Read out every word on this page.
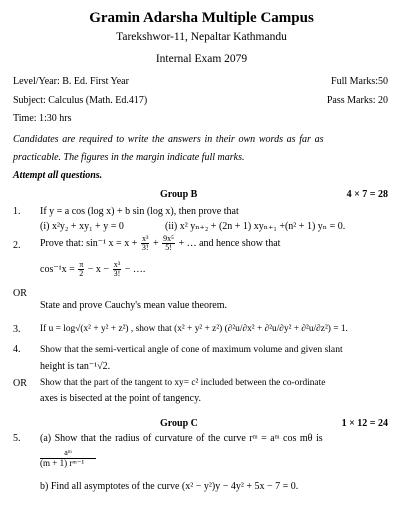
Gramin Adarsha Multiple Campus
Tarekshwor-11, Nepaltar Kathmandu
Internal Exam 2079
Level/Year: B. Ed. First Year	Full Marks:50
Subject: Calculus (Math. Ed.417)	Pass Marks: 20
Time: 1:30 hrs
Candidates are required to write the answers in their own words as far as
practicable. The figures in the margin indicate full marks.
Attempt all questions.
Group B	4 × 7 = 28
1. If y = a cos (log x) + b sin (log x), then prove that
(i) x²y₂ + xy₁ + y = 0	(ii) x² yₙ₊₂ + (2n + 1) xyₙ₊₁ +(n² + 1) yₙ = 0.
2. Prove that: sin⁻¹ $x = x + \frac{\text{x³}}{3!} + \frac{\text{9x⁵}}{5!}$ + … and hence show that
$\cos^{-1}x = \frac{\pi}{2} - x - \frac{\text{x³}}{3!}$ − ….
OR
State and prove Cauchy's mean value theorem.
3. If u = log√(x² + y² + z²) , show that (x² + y² + z²) (∂²u/∂x² + ∂²u/∂y² + ∂²u/∂z²) = 1.
4. Show that the semi-vertical angle of cone of maximum volume and given slant
height is tan⁻¹√2.
OR Show that the part of the tangent to xy= c² included between the co-ordinate
axes is bisected at the point of tangency.
Group C	1 × 12 = 24
5. (a) Show that the radius of curvature of the curve rᵐ = aᵐ cos mθ is
aᵐ
(m + 1) rᵐ⁻¹
b) Find all asymptotes of the curve (x² − y²)y − 4y² + 5x − 7 = 0.
